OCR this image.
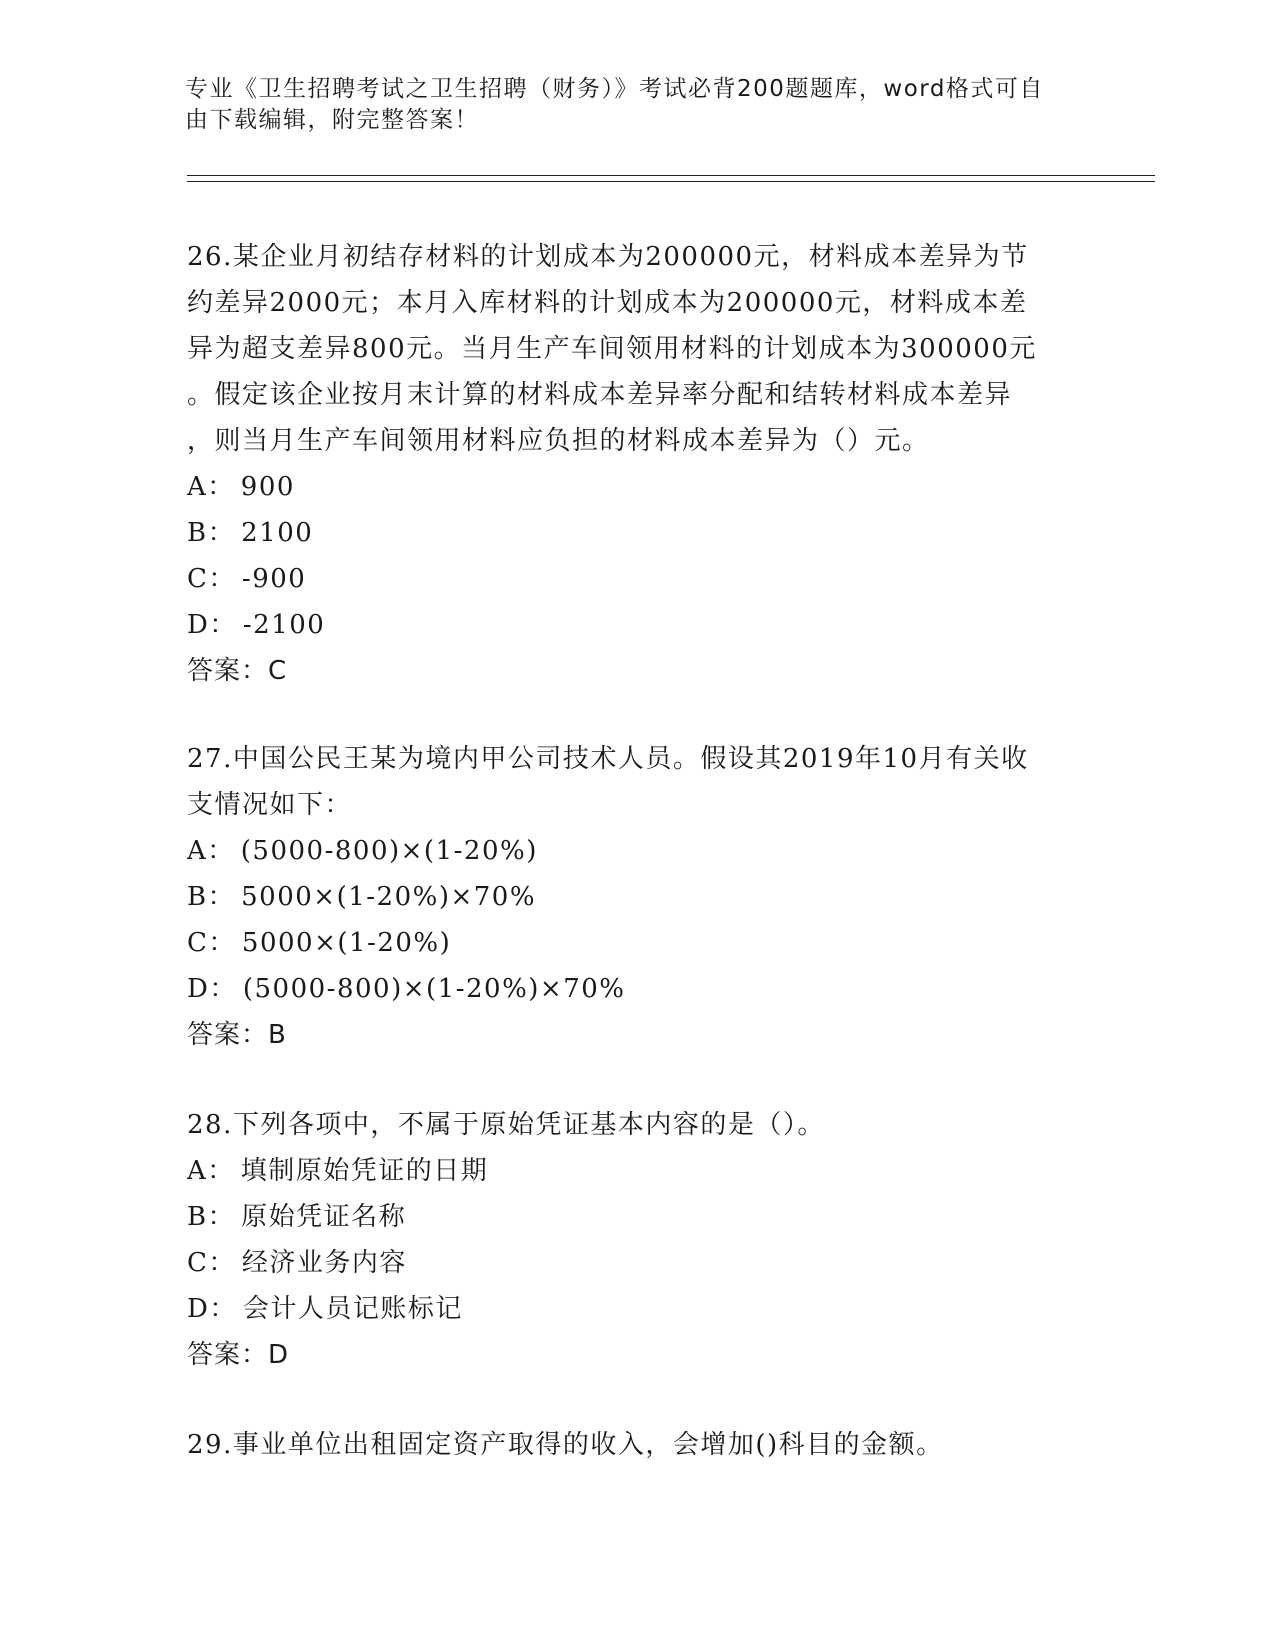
专业《卫生招聘考试之卫生招聘（财务）》考试必背200题题库，word格式可自
由下载编辑，附完整答案！

26.某企业月初结存材料的计划成本为200000元，材料成本差异为节

约差异2000元；本月入库材料的计划成本为200000元，材料成本差

异为超支差异800元。当月生产车间领用材料的计划成本为300000元

。假定该企业按月末计算的材料成本差异率分配和结转材料成本差异

，则当月生产车间领用材料应负担的材料成本差异为（）元。

A： 900

B： 2100

C： -900

D： -2100

答案：C

27.中国公民王某为境内甲公司技术人员。假设其2019年10月有关收

支情况如下：

A： (5000-800)×(1-20%)

B： 5000×(1-20%)×70%

C： 5000×(1-20%)

D： (5000-800)×(1-20%)×70%

答案：B

28.下列各项中，不属于原始凭证基本内容的是（）。

A： 填制原始凭证的日期

B： 原始凭证名称

C： 经济业务内容

D： 会计人员记账标记

答案：D

29.事业单位出租固定资产取得的收入，会增加()科目的金额。
